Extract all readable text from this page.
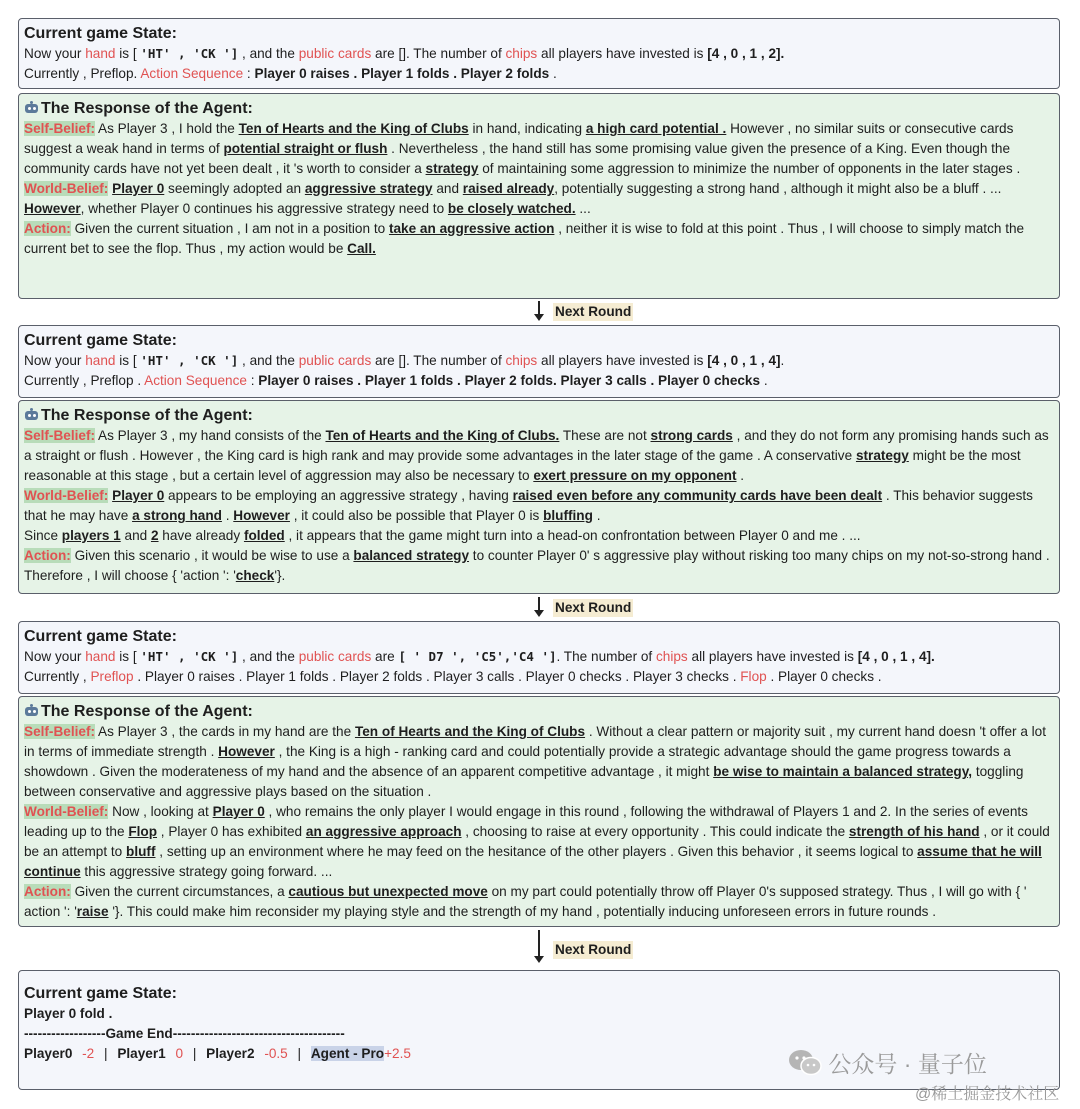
Current game State:
Now your hand is [ 'HT' , 'CK '] , and the public cards are []. The number of chips all players have invested is [4 , 0 , 1 , 2].
Currently , Preflop. Action Sequence : Player 0 raises . Player 1 folds . Player 2 folds .
The Response of the Agent:
Self-Belief: As Player 3 , I hold the Ten of Hearts and the King of Clubs in hand, indicating a high card potential . However , no similar suits or consecutive cards suggest a weak hand in terms of potential straight or flush . Nevertheless , the hand still has some promising value given the presence of a King. Even though the community cards have not yet been dealt , it 's worth to consider a strategy of maintaining some aggression to minimize the number of opponents in the later stages .
World-Belief: Player 0 seemingly adopted an aggressive strategy and raised already, potentially suggesting a strong hand , although it might also be a bluff . ...
However, whether Player 0 continues his aggressive strategy need to be closely watched. ...
Action: Given the current situation , I am not in a position to take an aggressive action , neither it is wise to fold at this point . Thus , I will choose to simply match the current bet to see the flop. Thus , my action would be Call.
Next Round
Current game State:
Now your hand is [ 'HT' , 'CK '] , and the public cards are []. The number of chips all players have invested is [4 , 0 , 1 , 4].
Currently , Preflop . Action Sequence : Player 0 raises . Player 1 folds . Player 2 folds. Player 3 calls . Player 0 checks .
The Response of the Agent:
Self-Belief: As Player 3 , my hand consists of the Ten of Hearts and the King of Clubs. These are not strong cards , and they do not form any promising hands such as a straight or flush . However , the King card is high rank and may provide some advantages in the later stage of the game . A conservative strategy might be the most reasonable at this stage , but a certain level of aggression may also be necessary to exert pressure on my opponent .
World-Belief: Player 0 appears to be employing an aggressive strategy , having raised even before any community cards have been dealt . This behavior suggests that he may have a strong hand . However , it could also be possible that Player 0 is bluffing .
Since players 1 and 2 have already folded , it appears that the game might turn into a head-on confrontation between Player 0 and me . ...
Action: Given this scenario , it would be wise to use a balanced strategy to counter Player 0' s aggressive play without risking too many chips on my not-so-strong hand . Therefore , I will choose { 'action ': 'check'}.
Next Round
Current game State:
Now your hand is [ 'HT' , 'CK '] , and the public cards are [ ' D7 ', 'C5','C4 ']. The number of chips all players have invested is [4 , 0 , 1 , 4].
Currently , Preflop . Player 0 raises . Player 1 folds . Player 2 folds . Player 3 calls . Player 0 checks . Player 3 checks . Flop . Player 0 checks .
The Response of the Agent:
Self-Belief: As Player 3 , the cards in my hand are the Ten of Hearts and the King of Clubs . Without a clear pattern or majority suit , my current hand doesn 't offer a lot in terms of immediate strength . However , the King is a high - ranking card and could potentially provide a strategic advantage should the game progress towards a showdown . Given the moderateness of my hand and the absence of an apparent competitive advantage , it might be wise to maintain a balanced strategy, toggling between conservative and aggressive plays based on the situation .
World-Belief: Now , looking at Player 0 , who remains the only player I would engage in this round , following the withdrawal of Players 1 and 2. In the series of events leading up to the Flop , Player 0 has exhibited an aggressive approach , choosing to raise at every opportunity . This could indicate the strength of his hand , or it could be an attempt to bluff , setting up an environment where he may feed on the hesitance of the other players . Given this behavior , it seems logical to assume that he will continue this aggressive strategy going forward. ...
Action: Given the current circumstances, a cautious but unexpected move on my part could potentially throw off Player 0's supposed strategy. Thus , I will go with { ' action ': 'raise '}. This could make him reconsider my playing style and the strength of my hand , potentially inducing unforeseen errors in future rounds .
Next Round
Current game State:
Player 0 fold .
------------------Game End--------------------------------------
Player0 -2 | Player1 0 | Player2 -0.5 | Agent - Pro+2.5	公众号 · 量子位
@稀土掘金技术社区
